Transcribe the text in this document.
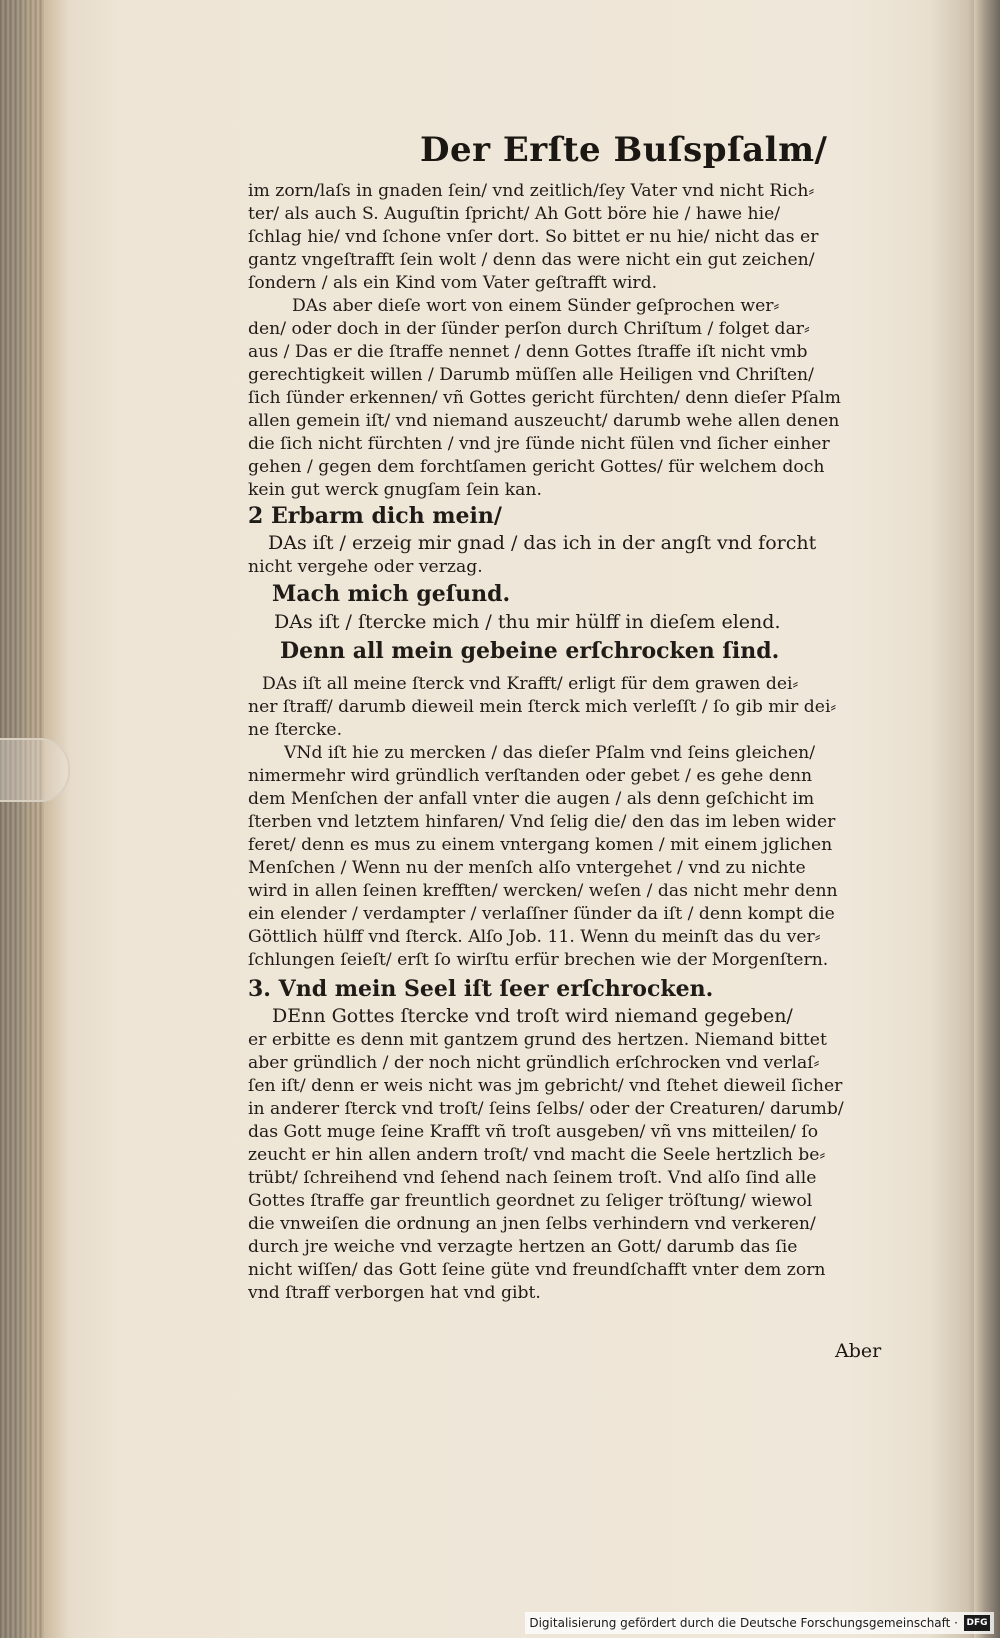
Der Erſte Buſspſalm/
im zorn/laſs in gnaden ſein/ vnd zeitlich/ſey Vater vnd nicht Rich⸗
ter/ als auch S. Auguſtin ſpricht/ Ah Gott böre hie / hawe hie/
ſchlag hie/ vnd ſchone vnſer dort. So bittet er nu hie/ nicht das er
gantz vngeſtrafft ſein wolt / denn das were nicht ein gut zeichen/
ſondern / als ein Kind vom Vater geſtrafft wird.
DAs aber dieſe wort von einem Sünder geſprochen wer⸗
den/ oder doch in der ſünder perſon durch Chriſtum / folget dar⸗
aus / Das er die ſtraffe nennet / denn Gottes ſtraffe iſt nicht vmb
gerechtigkeit willen / Darumb müſſen alle Heiligen vnd Chriſten/
ſich ſünder erkennen/ vñ Gottes gericht fürchten/ denn dieſer Pſalm
allen gemein iſt/ vnd niemand auszeucht/ darumb wehe allen denen
die ſich nicht fürchten / vnd jre ſünde nicht fülen vnd ſicher einher
gehen / gegen dem forchtſamen gericht Gottes/ für welchem doch
kein gut werck gnugſam ſein kan.
2 Erbarm dich mein/
DAs iſt / erzeig mir gnad / das ich in der angſt vnd forcht
nicht vergehe oder verzag.
Mach mich geſund.
DAs iſt / ſtercke mich / thu mir hülff in dieſem elend.
Denn all mein gebeine erſchrocken ſind.
DAs iſt all meine ſterck vnd Krafft/ erligt für dem grawen dei⸗
ner ſtraff/ darumb dieweil mein ſterck mich verleſſt / ſo gib mir dei⸗
ne ſtercke.
VNd iſt hie zu mercken / das dieſer Pſalm vnd ſeins gleichen/
nimermehr wird gründlich verſtanden oder gebet / es gehe denn
dem Menſchen der anfall vnter die augen / als denn geſchicht im
ſterben vnd letztem hinfaren/ Vnd ſelig die/ den das im leben wider
feret/ denn es mus zu einem vntergang komen / mit einem jglichen
Menſchen / Wenn nu der menſch alſo vntergehet / vnd zu nichte
wird in allen ſeinen krefften/ wercken/ weſen / das nicht mehr denn
ein elender / verdampter / verlaſſner ſünder da iſt / denn kompt die
Göttlich hülff vnd ſterck. Alſo Job. 11. Wenn du meinſt das du ver⸗
ſchlungen ſeieſt/ erſt ſo wirſtu erfür brechen wie der Morgenſtern.
3. Vnd mein Seel iſt ſeer erſchrocken.
DEnn Gottes ſtercke vnd troſt wird niemand gegeben/
er erbitte es denn mit gantzem grund des hertzen. Niemand bittet
aber gründlich / der noch nicht gründlich erſchrocken vnd verlaſ⸗
ſen iſt/ denn er weis nicht was jm gebricht/ vnd ſtehet dieweil ſicher
in anderer ſterck vnd troſt/ ſeins ſelbs/ oder der Creaturen/ darumb/
das Gott muge ſeine Krafft vñ troſt ausgeben/ vñ vns mitteilen/ ſo
zeucht er hin allen andern troſt/ vnd macht die Seele hertzlich be⸗
trübt/ ſchreihend vnd ſehend nach ſeinem troſt. Vnd alſo ſind alle
Gottes ſtraffe gar freuntlich geordnet zu ſeliger tröſtung/ wiewol
die vnweiſen die ordnung an jnen ſelbs verhindern vnd verkeren/
durch jre weiche vnd verzagte hertzen an Gott/ darumb das ſie
nicht wiſſen/ das Gott ſeine güte vnd freundſchafft vnter dem zorn
vnd ſtraff verborgen hat vnd gibt.
Aber
Digitalisierung gefördert durch die Deutsche Forschungsgemeinschaft · DFG
